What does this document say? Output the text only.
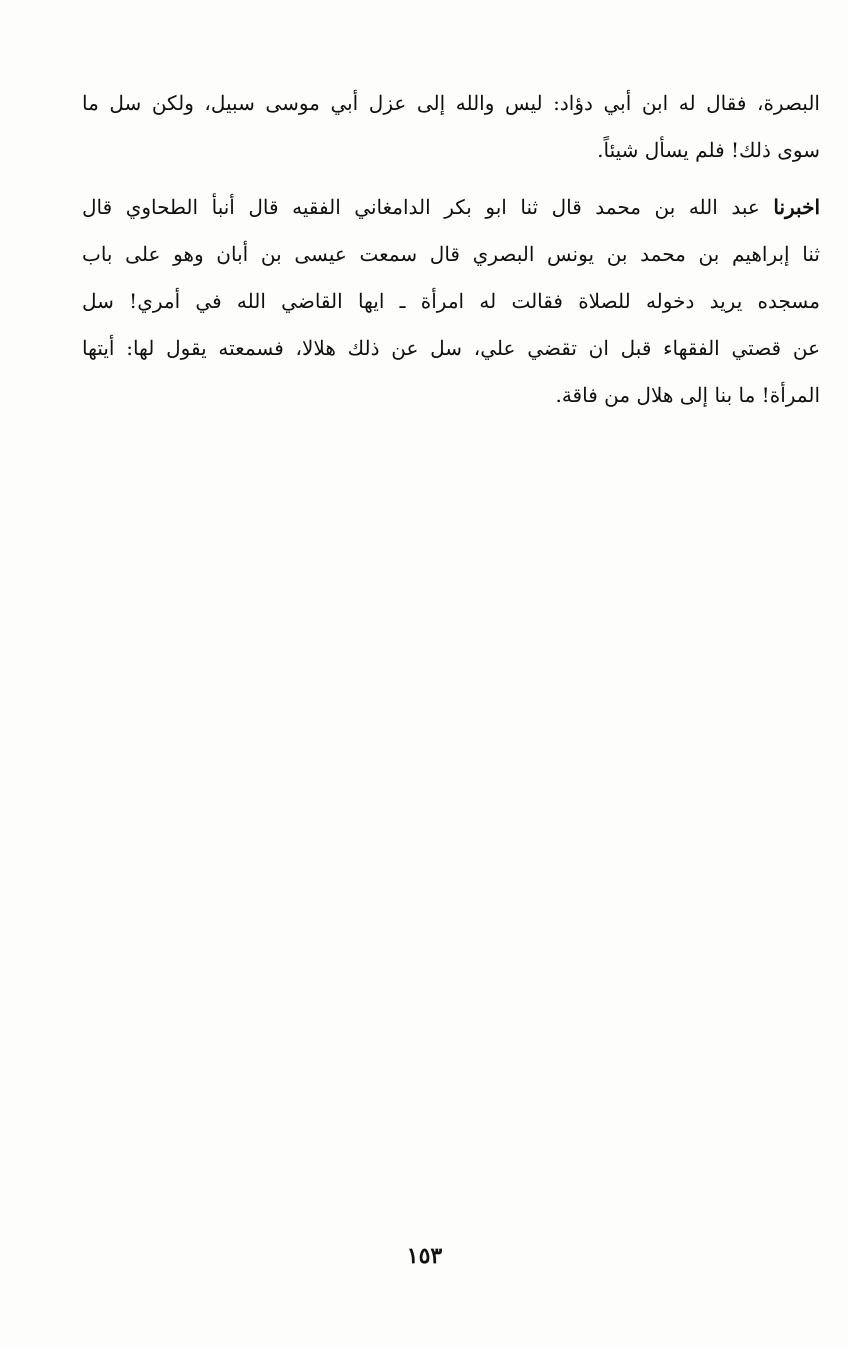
البصرة، فقال له ابن أبي دؤاد: ليس والله إلى عزل أبي موسى سبيل، ولكن سل ما
سوى ذلك! فلم يسأل شيئاً.
اخبرنا عبد الله بن محمد قال ثنا ابو بكر الدامغاني الفقيه قال أنبأ الطحاوي قال
ثنا إبراهيم بن محمد بن يونس البصري قال سمعت عيسى بن أبان وهو على باب
مسجده يريد دخوله للصلاة فقالت له امرأة ـ ايها القاضي الله في أمري! سل
عن قصتي الفقهاء قبل ان تقضي علي، سل عن ذلك هلالا، فسمعته يقول لها: أيتها
المرأة! ما بنا إلى هلال من فاقة.
١٥٣
